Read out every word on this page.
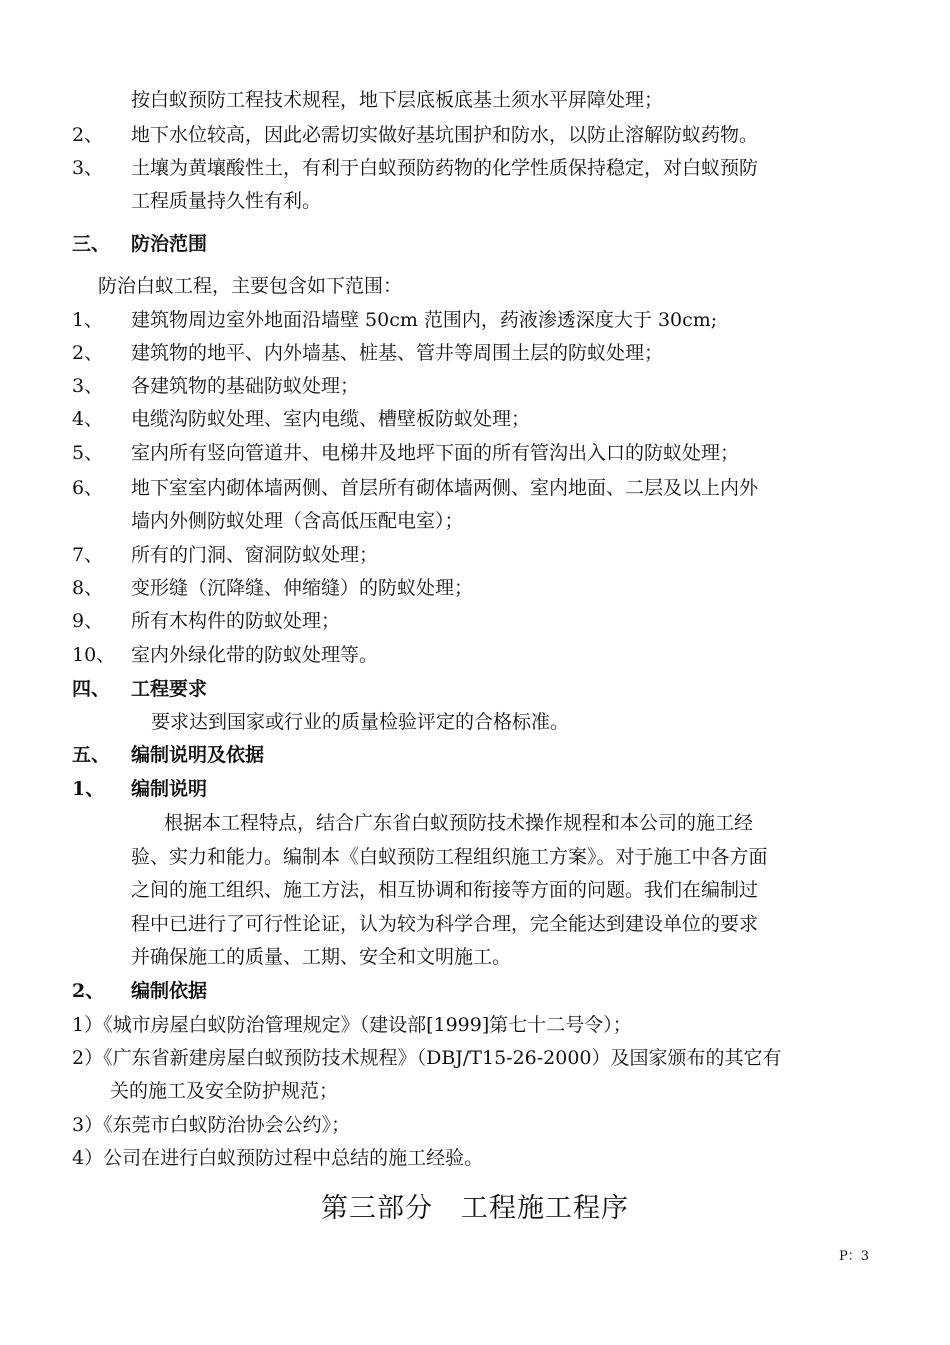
按白蚁预防工程技术规程，地下层底板底基土须水平屏障处理；
2、 地下水位较高，因此必需切实做好基坑围护和防水，以防止溶解防蚁药物。
3、 土壤为黄壤酸性土，有利于白蚁预防药物的化学性质保持稳定，对白蚁预防
工程质量持久性有利。
三、 防治范围
防治白蚁工程，主要包含如下范围：
1、 建筑物周边室外地面沿墙壁 50cm 范围内，药液渗透深度大于 30cm;
2、 建筑物的地平、内外墙基、桩基、管井等周围土层的防蚁处理；
3、 各建筑物的基础防蚁处理；
4、 电缆沟防蚁处理、室内电缆、槽壁板防蚁处理；
5、 室内所有竖向管道井、电梯井及地坪下面的所有管沟出入口的防蚁处理；
6、 地下室室内砌体墙两侧、首层所有砌体墙两侧、室内地面、二层及以上内外
墙内外侧防蚁处理（含高低压配电室）；
7、 所有的门洞、窗洞防蚁处理；
8、 变形缝（沉降缝、伸缩缝）的防蚁处理；
9、 所有木构件的防蚁处理；
10、 室内外绿化带的防蚁处理等。
四、 工程要求
要求达到国家或行业的质量检验评定的合格标准。
五、 编制说明及依据
1、 编制说明
根据本工程特点，结合广东省白蚁预防技术操作规程和本公司的施工经
验、实力和能力。编制本《白蚁预防工程组织施工方案》。对于施工中各方面
之间的施工组织、施工方法，相互协调和衔接等方面的问题。我们在编制过
程中已进行了可行性论证，认为较为科学合理，完全能达到建设单位的要求
并确保施工的质量、工期、安全和文明施工。
2、 编制依据
1）《城市房屋白蚁防治管理规定》（建设部[1999]第七十二号令）；
2）《广东省新建房屋白蚁预防技术规程》（DBJ/T15-26-2000）及国家颁布的其它有
关的施工及安全防护规范；
3）《东莞市白蚁防治协会公约》；
4）公司在进行白蚁预防过程中总结的施工经验。
第三部分　工程施工程序
P：3
